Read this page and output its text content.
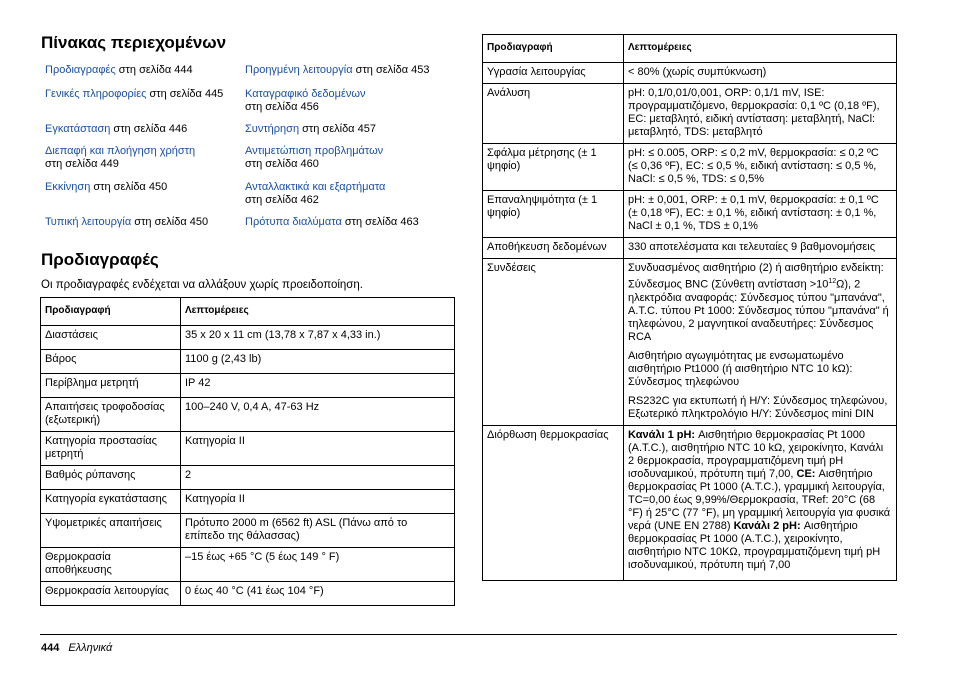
Πίνακας περιεχομένων
Προδιαγραφές στη σελίδα 444
Γενικές πληροφορίες στη σελίδα 445
Εγκατάσταση στη σελίδα 446
Διεπαφή και πλοήγηση χρήστη
στη σελίδα 449
Εκκίνηση στη σελίδα 450
Τυπική λειτουργία στη σελίδα 450
Προηγμένη λειτουργία στη σελίδα 453
Καταγραφικό δεδομένων
στη σελίδα 456
Συντήρηση στη σελίδα 457
Αντιμετώπιση προβλημάτων
στη σελίδα 460
Ανταλλακτικά και εξαρτήματα
στη σελίδα 462
Πρότυπα διαλύματα στη σελίδα 463
Προδιαγραφές
Οι προδιαγραφές ενδέχεται να αλλάξουν χωρίς προειδοποίηση.
Προδιαγραφή	Λεπτομέρειες
Διαστάσεις	35 x 20 x 11 cm (13,78 x 7,87 x 4,33 in.)
Βάρος	1100 g (2,43 lb)
Περίβλημα μετρητή	IP 42
Απαιτήσεις τροφοδοσίας (εξωτερική)	100–240 V, 0,4 A, 47-63 Hz
Κατηγορία προστασίας μετρητή	Κατηγορία II
Βαθμός ρύπανσης	2
Κατηγορία εγκατάστασης	Κατηγορία II
Υψομετρικές απαιτήσεις	Πρότυπο 2000 m (6562 ft) ASL (Πάνω από το επίπεδο της θάλασσας)
Θερμοκρασία αποθήκευσης	–15 έως +65 °C (5 έως 149 ° F)
Θερμοκρασία λειτουργίας	0 έως 40 °C (41 έως 104 °F)
Προδιαγραφή	Λεπτομέρειες
Υγρασία λειτουργίας	< 80% (χωρίς συμπύκνωση)
Ανάλυση	pH: 0,1/0,01/0,001, ORP: 0,1/1 mV, ISE: προγραμματιζόμενο, θερμοκρασία: 0,1 ºC (0,18 ºF), EC: μεταβλητό, ειδική αντίσταση: μεταβλητή, NaCl: μεταβλητό, TDS: μεταβλητό
Σφάλμα μέτρησης (± 1 ψηφίο)	pH: ≤ 0.005, ORP: ≤ 0,2 mV, θερμοκρασία: ≤ 0,2 ºC (≤ 0,36 ºF), EC: ≤ 0,5 %, ειδική αντίσταση: ≤ 0,5 %, NaCl: ≤ 0,5 %, TDS: ≤ 0,5%
Επαναληψιμότητα (± 1 ψηφίο)	pH: ± 0,001, ORP: ± 0,1 mV, θερμοκρασία: ± 0,1 ºC (± 0,18 ºF), EC: ± 0,1 %, ειδική αντίσταση: ± 0,1 %, NaCl ± 0,1 %, TDS ± 0,1%
Αποθήκευση δεδομένων	330 αποτελέσματα και τελευταίες 9 βαθμονομήσεις
Συνδέσεις	Συνδυασμένος αισθητήριο (2) ή αισθητήριο ενδείκτη: Σύνδεσμος BNC (Σύνθετη $\alpha\nu\tau ί\sigma\tau\alpha\sigma\eta >10^{12}\Omega$), 2 ηλεκτρόδια αναφοράς: Σύνδεσμος τύπου "μπανάνα", A.T.C. τύπου Pt 1000: Σύνδεσμος τύπου "μπανάνα" ή τηλεφώνου, 2 μαγνητικοί αναδευτήρες: Σύνδεσμος RCA
Αισθητήριο αγωγιμότητας με ενσωματωμένο αισθητήριο Pt1000 (ή αισθητήριο NTC 10 kΩ): Σύνδεσμος τηλεφώνου
RS232C για εκτυπωτή ή Η/Υ: Σύνδεσμος τηλεφώνου, Εξωτερικό πληκτρολόγιο Η/Υ: Σύνδεσμος mini DIN

Διόρθωση θερμοκρασίας	Κανάλι 1 pH: Αισθητήριο θερμοκρασίας Pt 1000 (A.T.C.), αισθητήριο NTC 10 kΩ, χειροκίνητο, Κανάλι 2 θερμοκρασία, προγραμματιζόμενη τιμή pH ισοδυναμικού, πρότυπη τιμή 7,00, CE: Αισθητήριο θερμοκρασίας Pt 1000 (A.T.C.), γραμμική λειτουργία, TC=0,00 έως 9,99%/Θερμοκρασία, TRef: 20°C (68 °F) ή 25°C (77 °F), μη γραμμική λειτουργία για φυσικά νερά (UNE EN 2788) Κανάλι 2 pH: Αισθητήριο θερμοκρασίας Pt 1000 (A.T.C.), χειροκίνητο, αισθητήριο NTC 10ΚΩ, προγραμματιζόμενη τιμή pH ισοδυναμικού, πρότυπη τιμή 7,00
444 Ελληνικά
